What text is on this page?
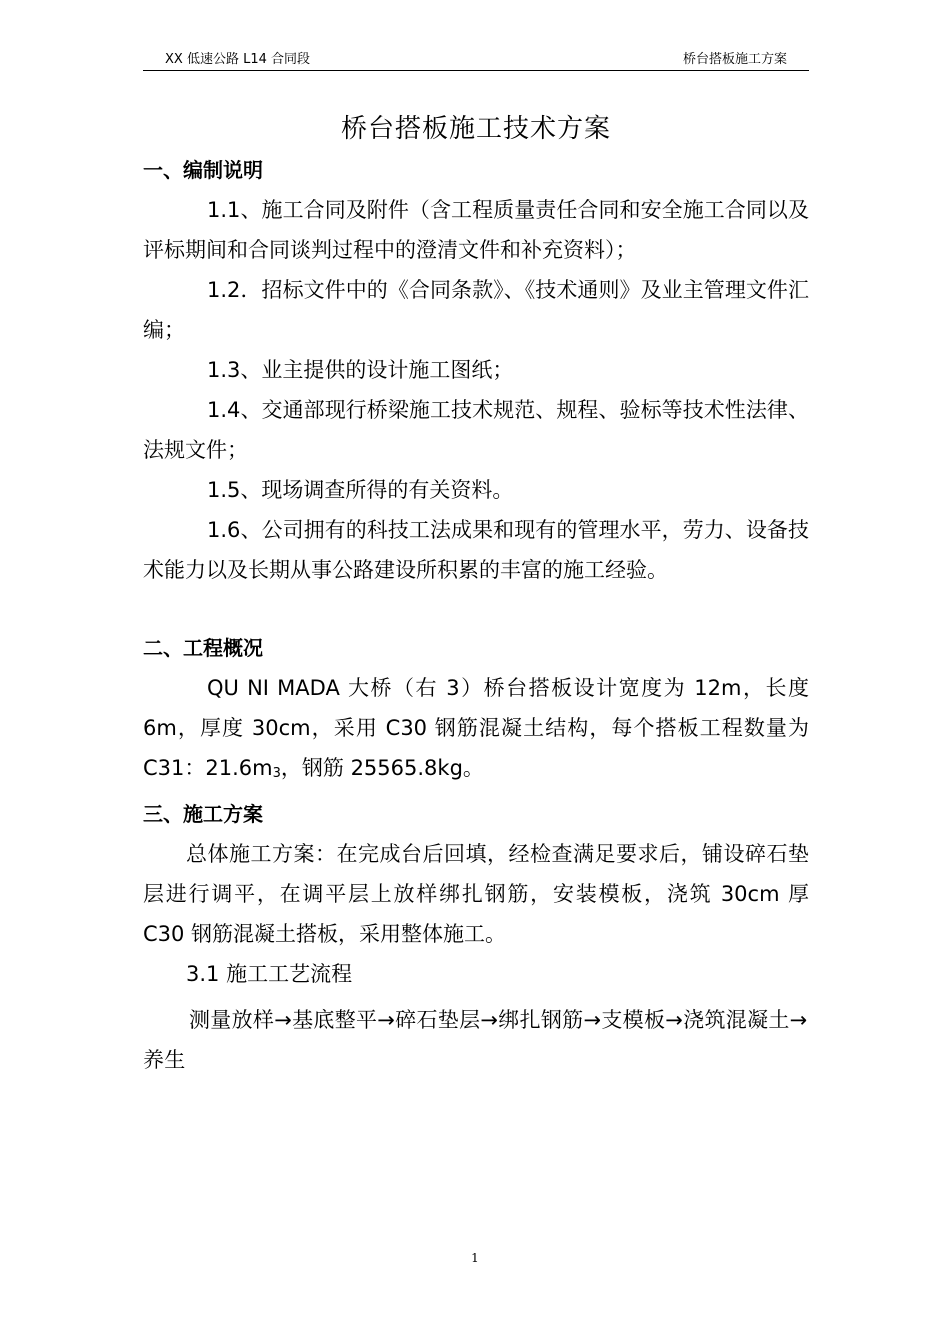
XX 低速公路 L14 合同段	桥台搭板施工方案
桥台搭板施工技术方案

一、编制说明

1.1、施工合同及附件（含工程质量责任合同和安全施工合同以及评标期间和合同谈判过程中的澄清文件和补充资料）；

1.2．招标文件中的《合同条款》、《技术通则》及业主管理文件汇编；

1.3、业主提供的设计施工图纸；

1.4、交通部现行桥梁施工技术规范、规程、验标等技术性法律、法规文件；

1.5、现场调查所得的有关资料。

1.6、公司拥有的科技工法成果和现有的管理水平，劳力、设备技术能力以及长期从事公路建设所积累的丰富的施工经验。

二、工程概况

QU NI MADA 大桥（右 3）桥台搭板设计宽度为 12m，长度 6m，厚度 30cm，采用 C30 钢筋混凝土结构，每个搭板工程数量为 C31：$21.6m_3$，钢筋 25565.8kg。

三、施工方案

总体施工方案：在完成台后回填，经检查满足要求后，铺设碎石垫层进行调平，在调平层上放样绑扎钢筋，安装模板，浇筑 30cm 厚 C30 钢筋混凝土搭板，采用整体施工。

3.1 施工工艺流程

测量放样→基底整平→碎石垫层→绑扎钢筋→支模板→浇筑混凝土→养生

1
